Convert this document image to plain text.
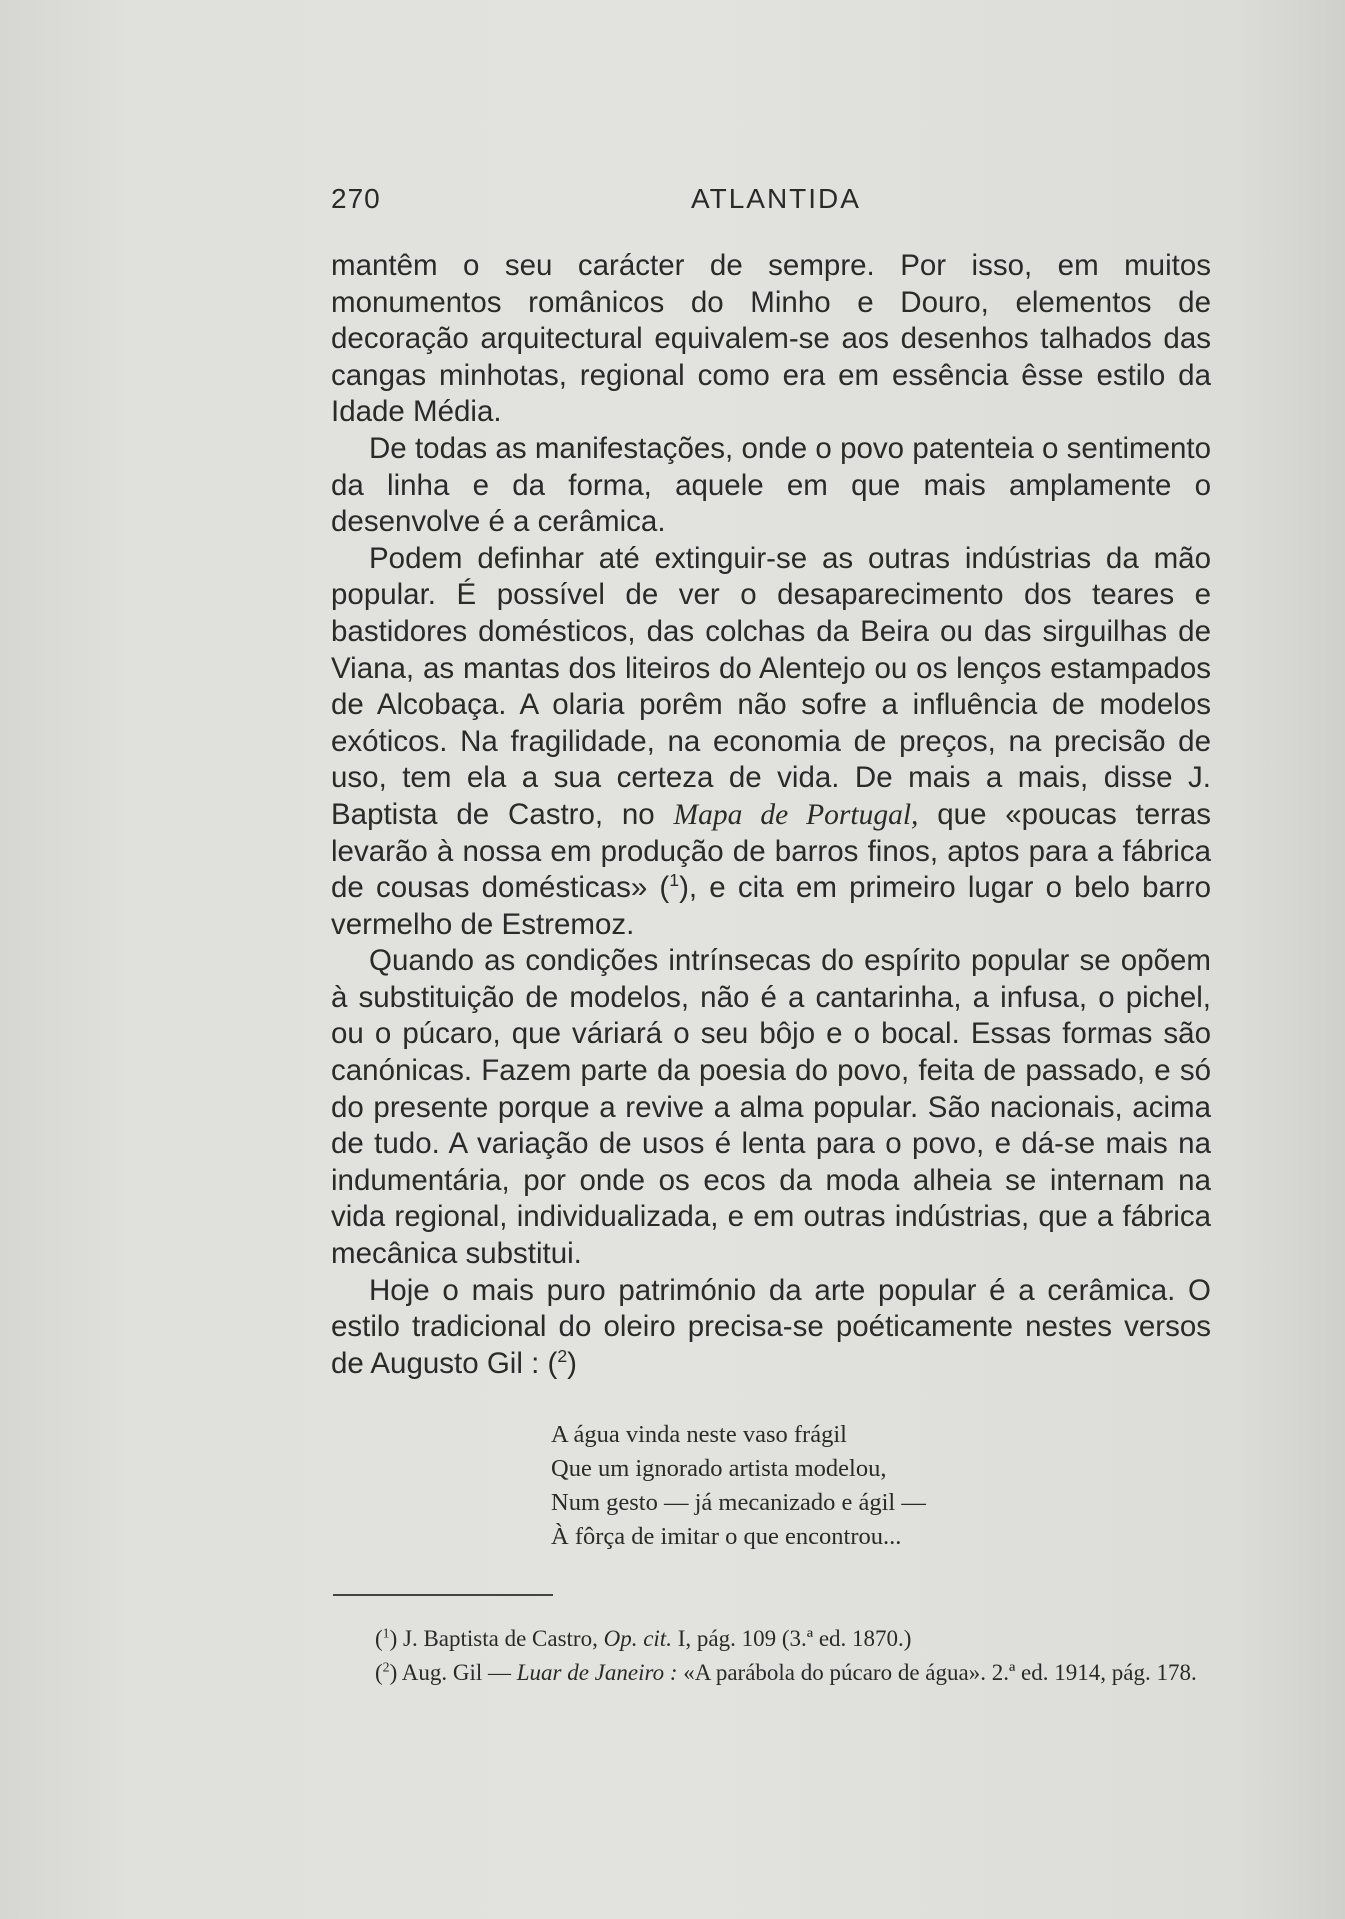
270	ATLANTIDA

mantêm o seu carácter de sempre. Por isso, em muitos monumentos românicos do Minho e Douro, elementos de decoração arquitectural equivalem-se aos desenhos talhados das cangas minhotas, regional como era em essência êsse estilo da Idade Média.

De todas as manifestações, onde o povo patenteia o sentimento da linha e da forma, aquele em que mais amplamente o desenvolve é a cerâmica.

Podem definhar até extinguir-se as outras indústrias da mão popular. É possível de ver o desaparecimento dos teares e bastidores domésticos, das colchas da Beira ou das sirguilhas de Viana, as mantas dos liteiros do Alentejo ou os lenços estampados de Alcobaça. A olaria porêm não sofre a influência de modelos exóticos. Na fragilidade, na economia de preços, na precisão de uso, tem ela a sua certeza de vida. De mais a mais, disse J. Baptista de Castro, no Mapa de Portugal, que «poucas terras levarão à nossa em produção de barros finos, aptos para a fábrica de cousas domésticas» ($^1$), e cita em primeiro lugar o belo barro vermelho de Estremoz.

Quando as condições intrínsecas do espírito popular se opõem à substituição de modelos, não é a cantarinha, a infusa, o pichel, ou o púcaro, que váriará o seu bôjo e o bocal. Essas formas são canónicas. Fazem parte da poesia do povo, feita de passado, e só do presente porque a revive a alma popular. São nacionais, acima de tudo. A variação de usos é lenta para o povo, e dá-se mais na indumentária, por onde os ecos da moda alheia se internam na vida regional, individualizada, e em outras indústrias, que a fábrica mecânica substitui.

Hoje o mais puro património da arte popular é a cerâmica. O estilo tradicional do oleiro precisa-se poéticamente nestes versos de Augusto Gil : ($^2$)

A água vinda neste vaso frágil
Que um ignorado artista modelou,
Num gesto — já mecanizado e ágil —
À fôrça de imitar o que encontrou...

($^1$) J. Baptista de Castro, Op. cit. I, pág. 109 (3.ª ed. 1870.)

($^2$) Aug. Gil — Luar de Janeiro : «A parábola do púcaro de água». 2.ª ed. 1914, pág. 178.
